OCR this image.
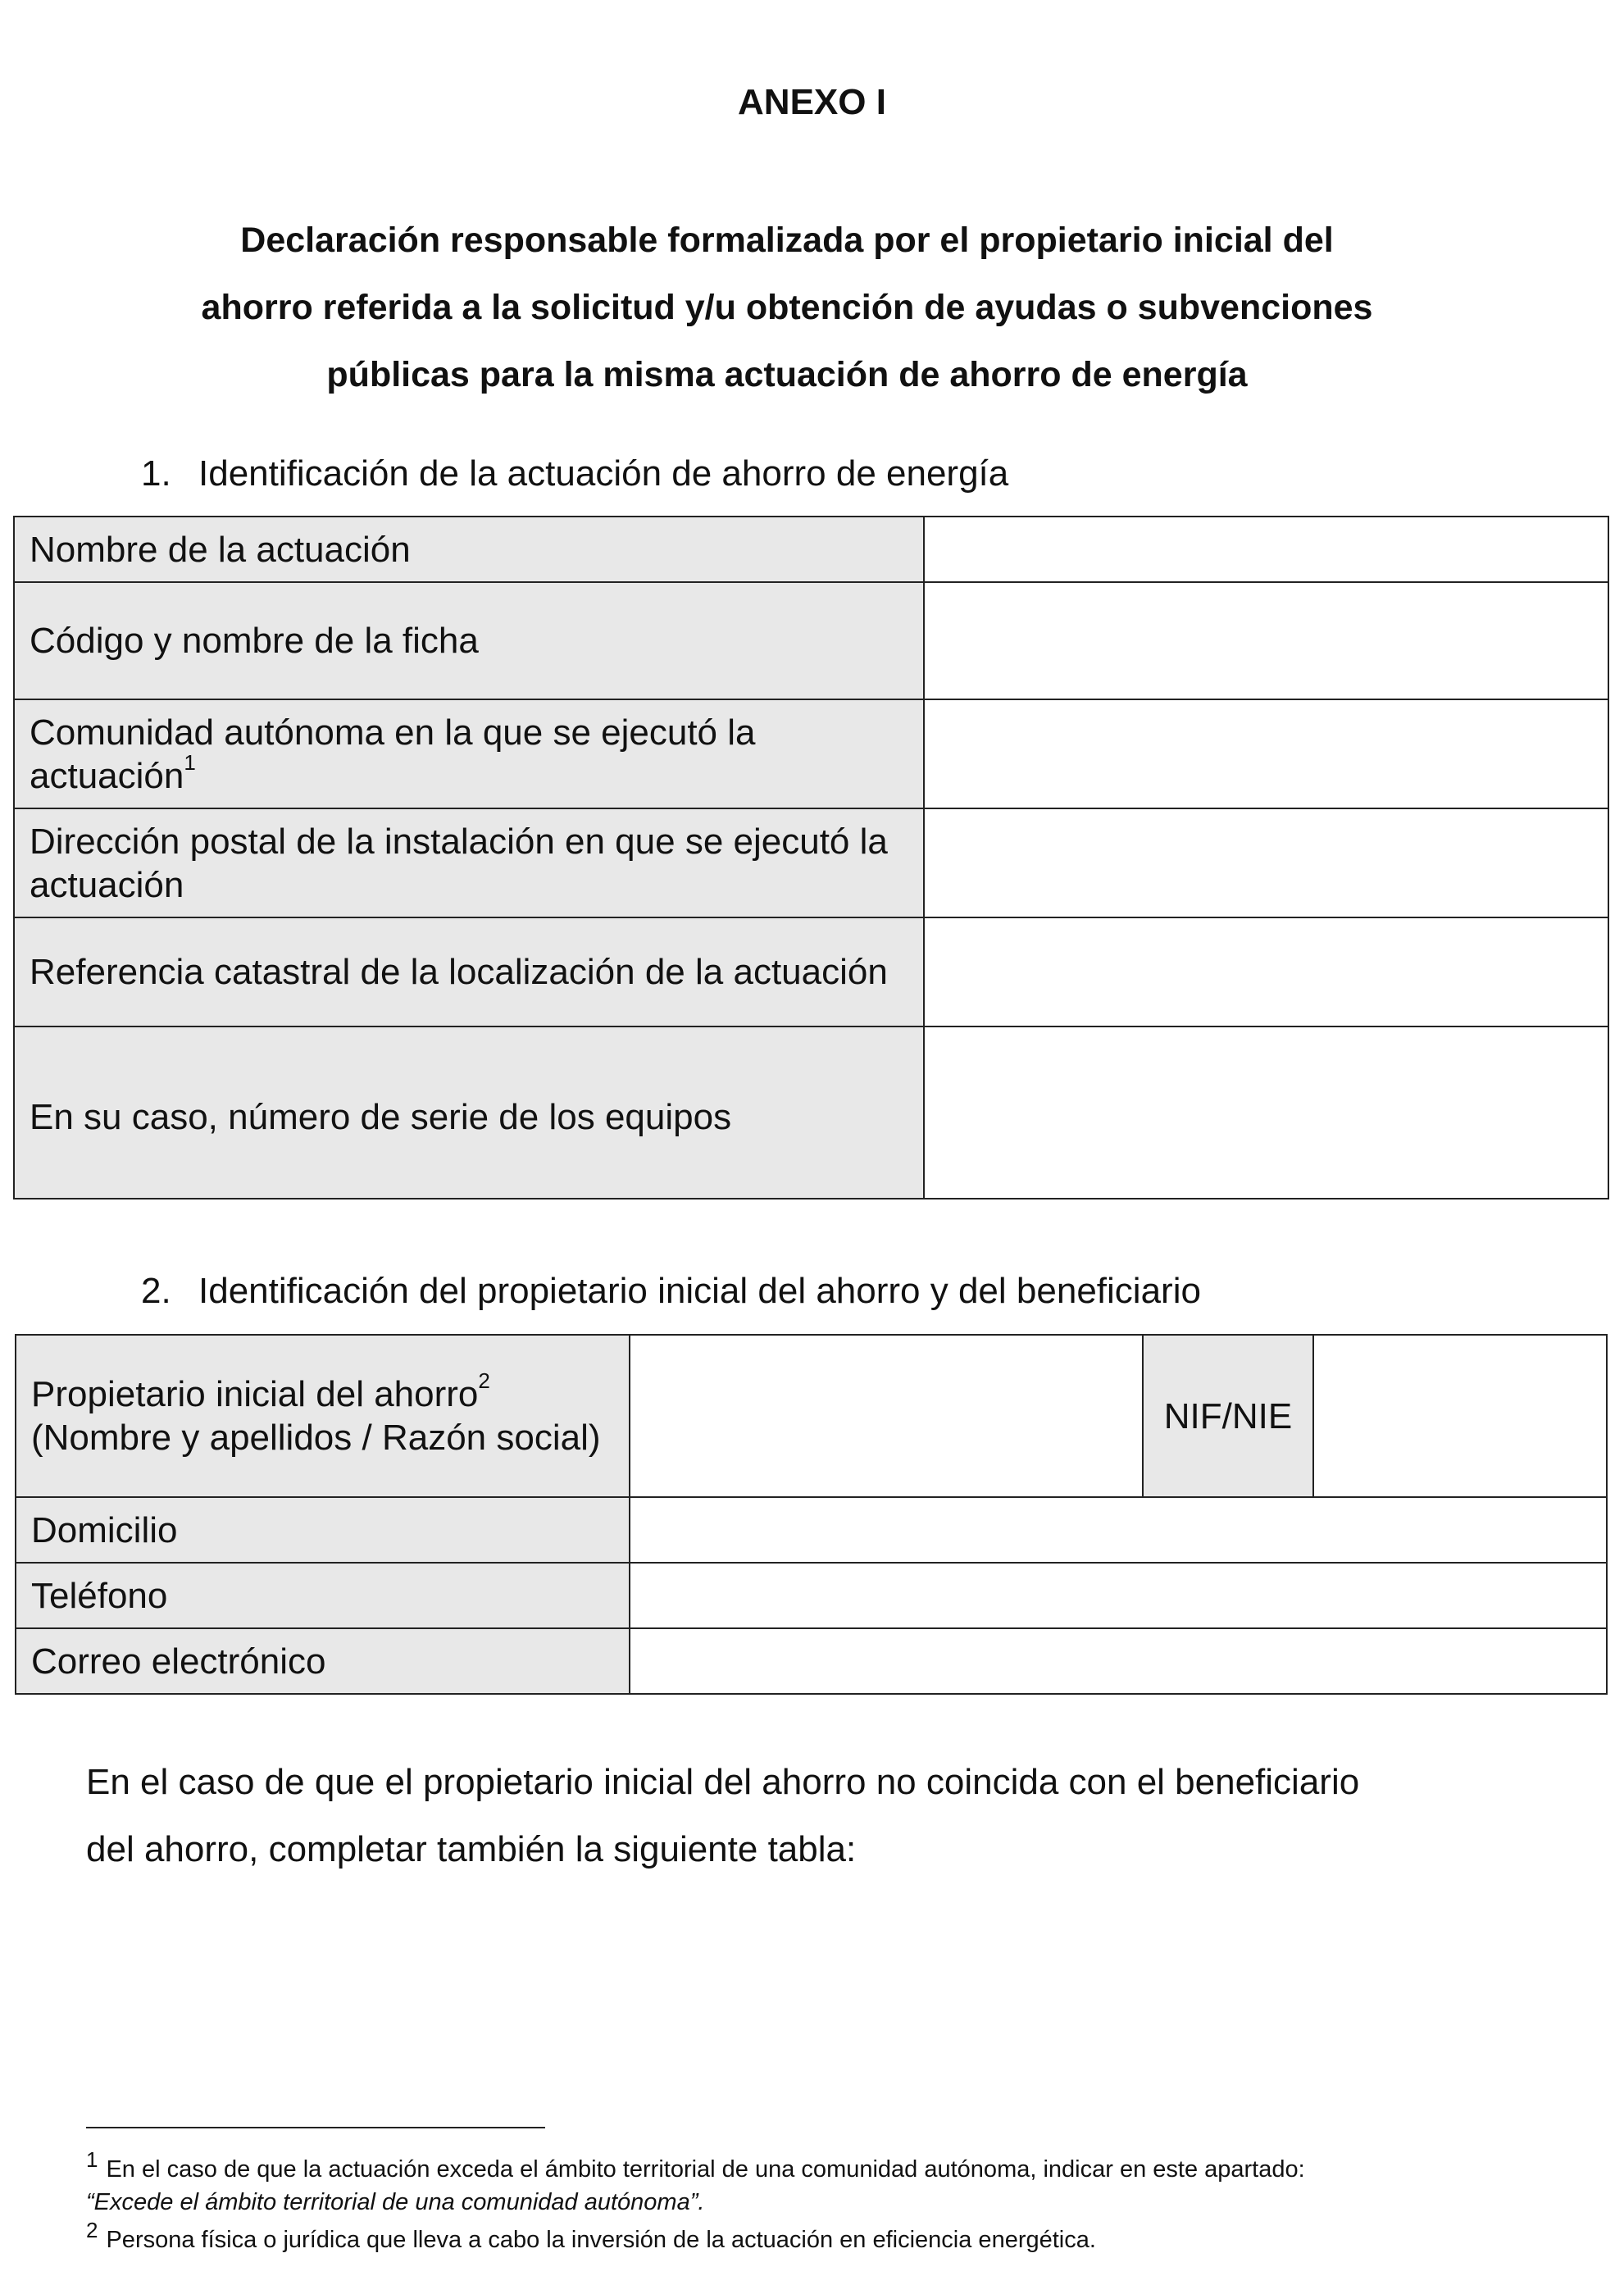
ANEXO I
Declaración responsable formalizada por el propietario inicial del
ahorro referida a la solicitud y/u obtención de ayudas o subvenciones
públicas para la misma actuación de ahorro de energía
1. Identificación de la actuación de ahorro de energía
Nombre de la actuación	
Código y nombre de la ficha	
Comunidad autónoma en la que se ejecutó la actuación$^1$	
Dirección postal de la instalación en que se ejecutó la actuación	
Referencia catastral de la localización de la actuación	
En su caso, número de serie de los equipos	
2. Identificación del propietario inicial del ahorro y del beneficiario
Propietario inicial del ahorro$^2$
(Nombre y apellidos / Razón social)		NIF/NIE	
Domicilio			
Teléfono			
Correo electrónico			
En el caso de que el propietario inicial del ahorro no coincida con el beneficiario
del ahorro, completar también la siguiente tabla:
1 En el caso de que la actuación exceda el ámbito territorial de una comunidad autónoma, indicar en este apartado:
“Excede el ámbito territorial de una comunidad autónoma”.
2 Persona física o jurídica que lleva a cabo la inversión de la actuación en eficiencia energética.
